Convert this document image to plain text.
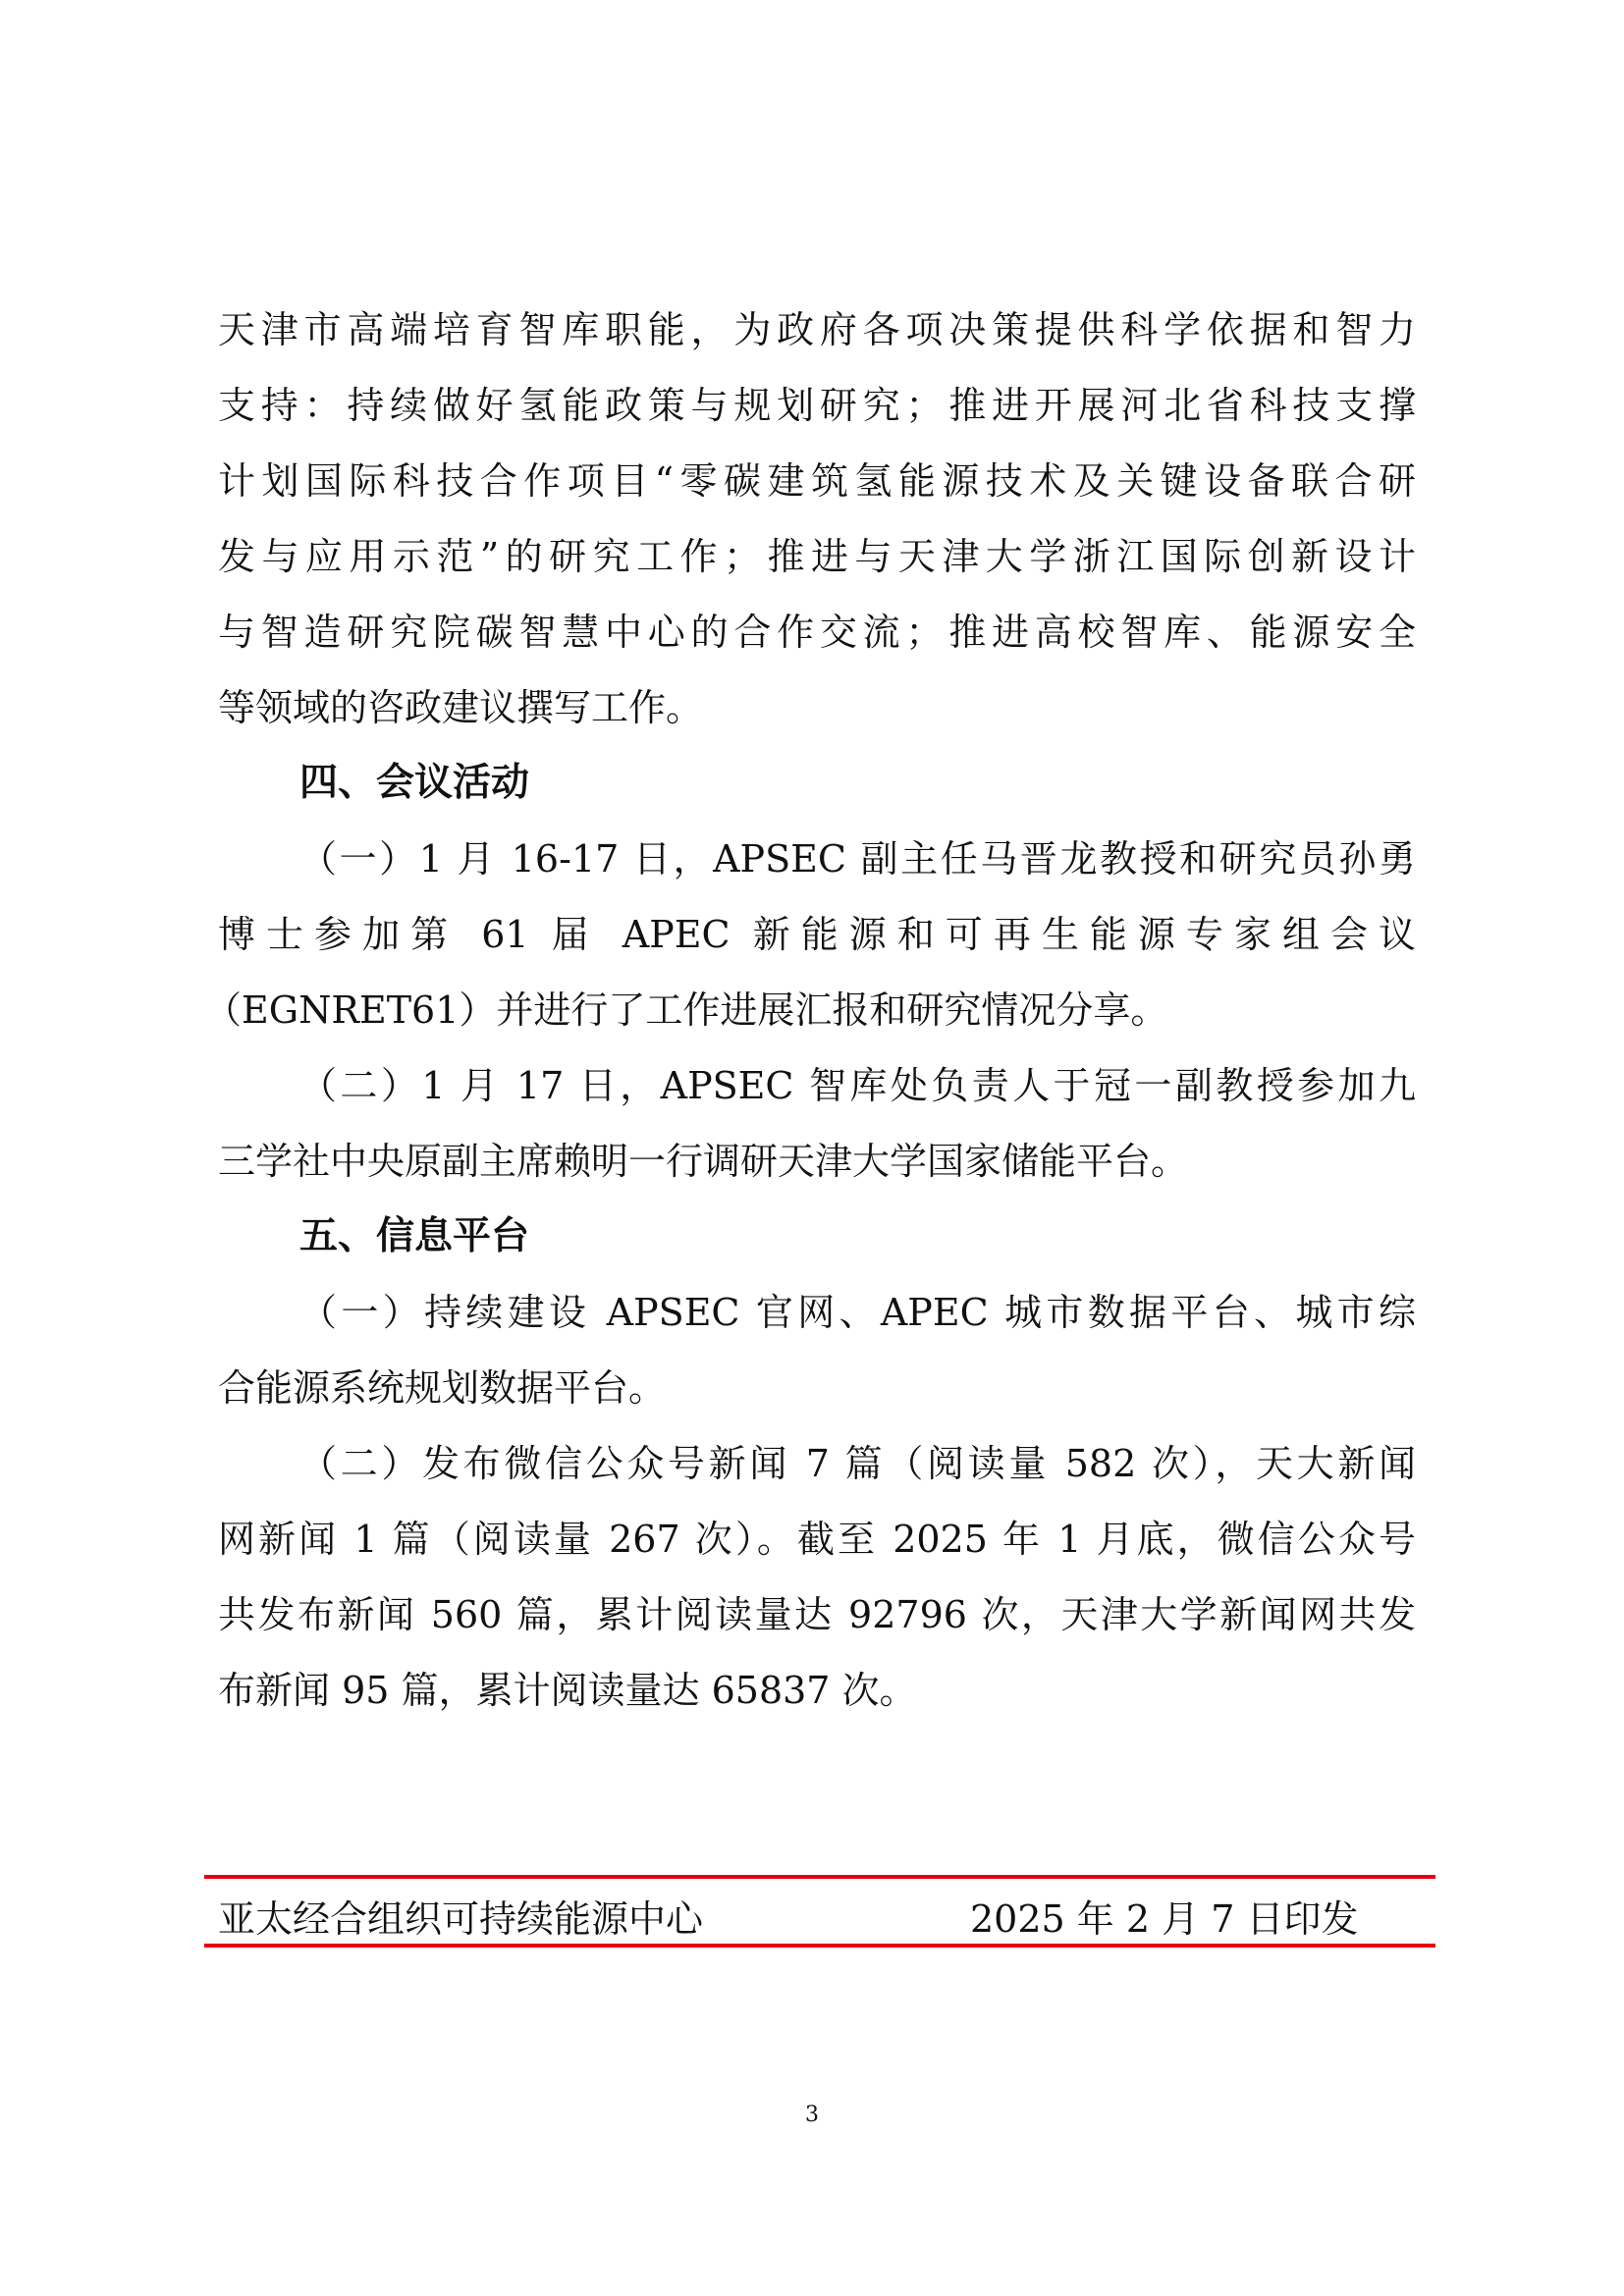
天津市高端培育智库职能，为政府各项决策提供科学依据和智力
支持：持续做好氢能政策与规划研究；推进开展河北省科技支撑
计划国际科技合作项目“零碳建筑氢能源技术及关键设备联合研
发与应用示范”的研究工作；推进与天津大学浙江国际创新设计
与智造研究院碳智慧中心的合作交流；推进高校智库、能源安全
等领域的咨政建议撰写工作。
四、会议活动
（一）1 月 16-17 日，APSEC 副主任马晋龙教授和研究员孙勇
博士参加第 61 届 APEC 新能源和可再生能源专家组会议
（EGNRET61）并进行了工作进展汇报和研究情况分享。
（二）1 月 17 日，APSEC 智库处负责人于冠一副教授参加九
三学社中央原副主席赖明一行调研天津大学国家储能平台。
五、信息平台
（一）持续建设 APSEC 官网、APEC 城市数据平台、城市综
合能源系统规划数据平台。
（二）发布微信公众号新闻 7 篇（阅读量 582 次），天大新闻
网新闻 1 篇（阅读量 267 次）。截至 2025 年 1 月底，微信公众号
共发布新闻 560 篇，累计阅读量达 92796 次，天津大学新闻网共发
布新闻 95 篇，累计阅读量达 65837 次。
亚太经合组织可持续能源中心	2025 年 2 月 7 日印发
3
